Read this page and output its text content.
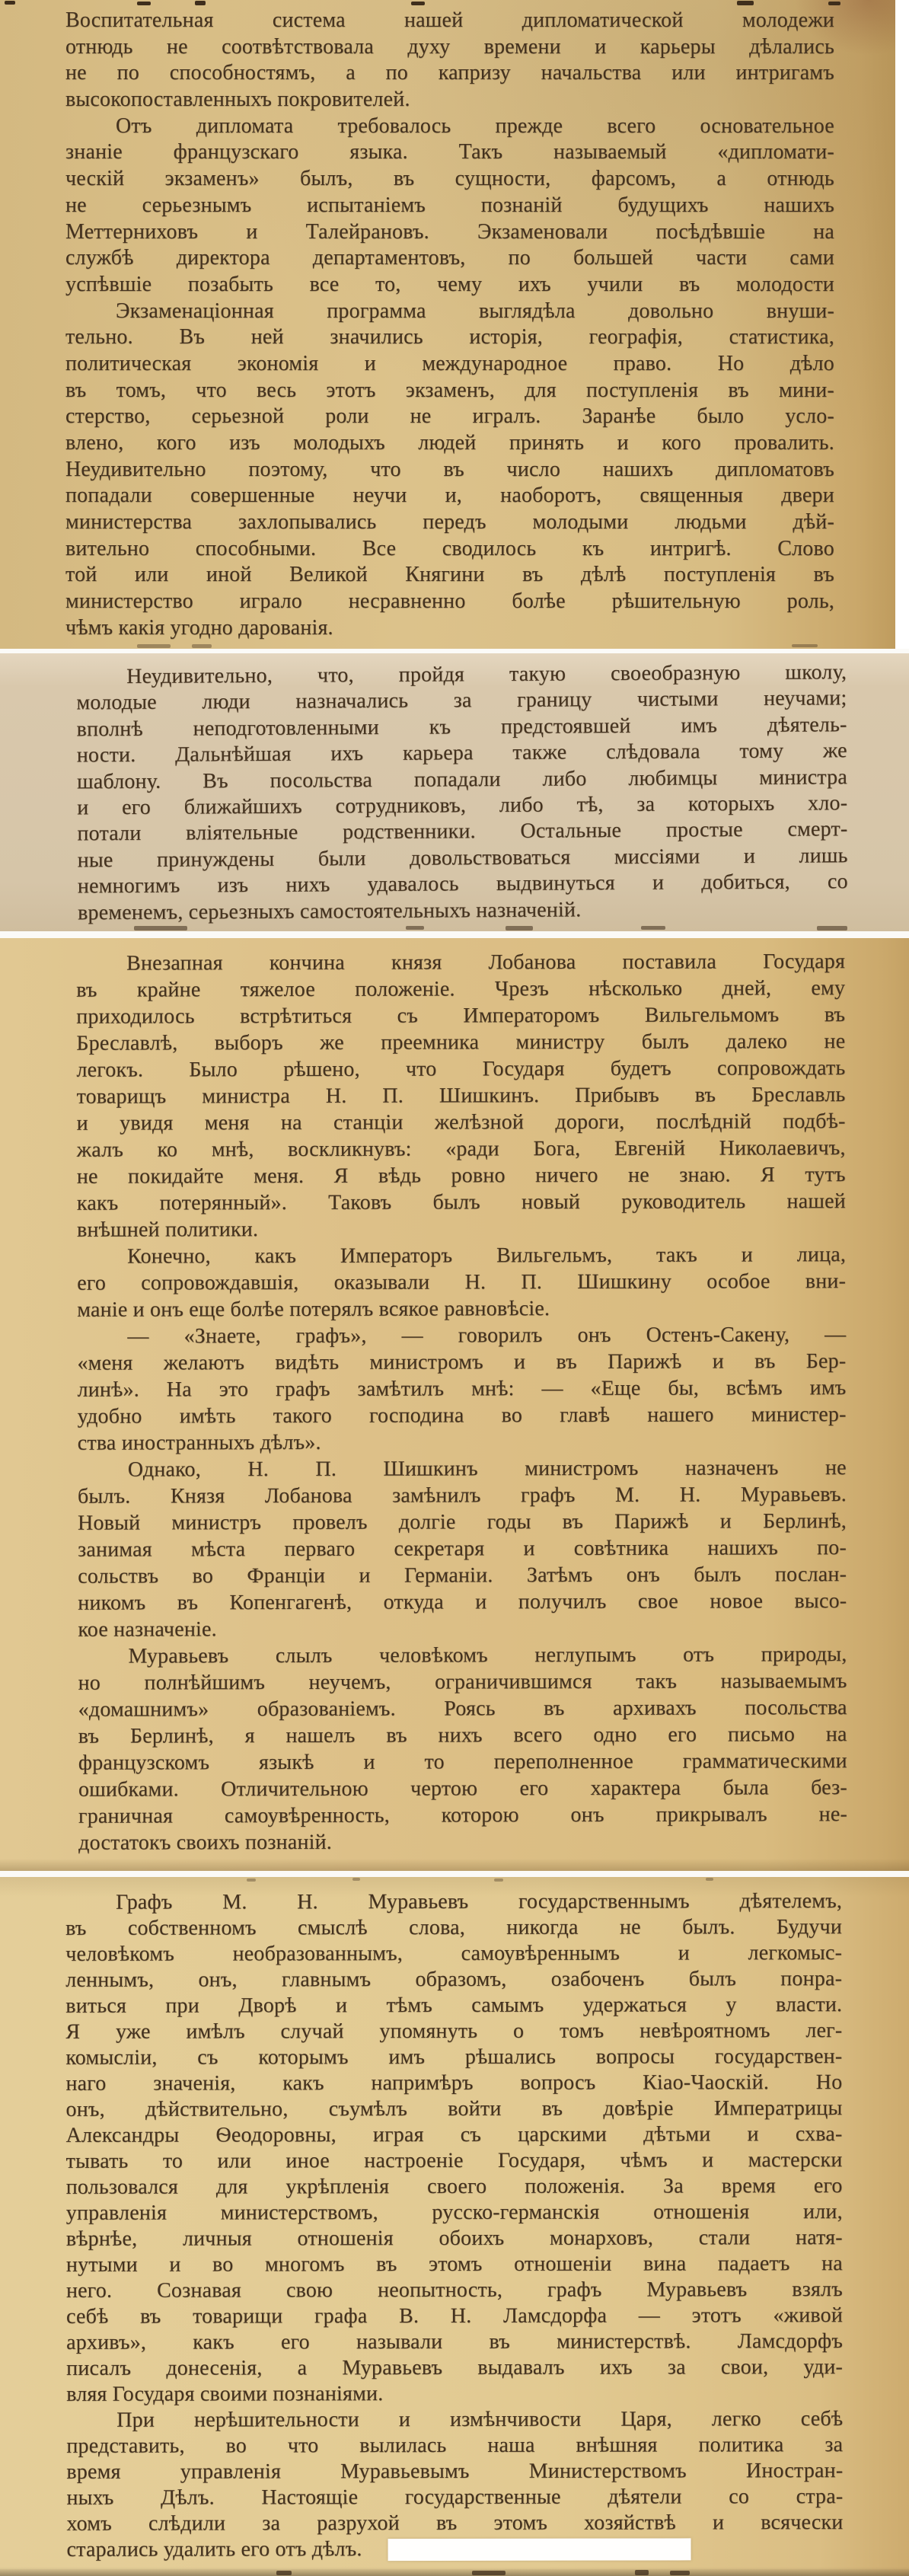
Воспитательная	система	нашей	дипломатической	молодежи
отнюдь не соотвѣтствовала духу времени и карьеры дѣлались
не по способностямъ, а по капризу начальства или интригамъ
высокопоставленныхъ покровителей.
Отъ дипломата требовалось прежде всего основательное
знаніе французскаго языка. Такъ называемый «дипломати-
ческій экзаменъ» былъ, въ сущности, фарсомъ, а отнюдь
не	серьезнымъ	испытаніемъ	познаній	будущихъ	нашихъ
Меттерниховъ и Талейрановъ. Экзаменовали посѣдѣвшіе на
службѣ директора департаментовъ, по большей части сами
успѣвшіе позабыть все то, чему ихъ учили въ молодости
Экзаменаціонная программа выглядѣла довольно внуши-
тельно. Въ ней значились исторія, географія, статистика,
политическая экономія и международное право. Но дѣло
въ томъ, что весь этотъ экзаменъ, для поступленія въ мини-
стерство, серьезной роли не игралъ. Заранѣе было усло-
влено, кого изъ молодыхъ людей принять и кого провалить.
Неудивительно поэтому, что въ число нашихъ дипломатовъ
попадали совершенные неучи и, наоборотъ, священныя двери
министерства захлопывались передъ молодыми людьми дѣй-
вительно способными. Все сводилось къ интригѣ. Слово
той или иной Великой Княгини въ дѣлѣ поступленія въ
министерство играло несравненно болѣе рѣшительную роль,
чѣмъ какія угодно дарованія.
Неудивительно, что, пройдя такую своеобразную школу,
молодые люди назначались за границу чистыми неучами;
вполнѣ неподготовленными къ предстоявшей имъ дѣятель-
ности. Дальнѣйшая ихъ карьера также слѣдовала тому же
шаблону. Въ посольства попадали либо любимцы министра
и его ближайшихъ сотрудниковъ, либо тѣ, за которыхъ хло-
потали вліятельные родственники. Остальные простые смерт-
ные принуждены были довольствоваться миссіями и лишь
немногимъ изъ нихъ удавалось выдвинуться и добиться, со
временемъ, серьезныхъ самостоятельныхъ назначеній.
Внезапная кончина князя Лобанова поставила Государя
въ крайне тяжелое положеніе. Чрезъ нѣсколько дней, ему
приходилось встрѣтиться съ Императоромъ Вильгельмомъ въ
Бреславлѣ, выборъ же преемника министру былъ далеко не
легокъ. Было рѣшено, что Государя будетъ сопровождать
товарищъ министра Н. П. Шишкинъ. Прибывъ въ Бреславль
и увидя меня на станціи желѣзной дороги, послѣдній подбѣ-
жалъ ко мнѣ, воскликнувъ: «ради Бога, Евгеній Николаевичъ,
не покидайте меня. Я вѣдь ровно ничего не знаю. Я тутъ
какъ потерянный». Таковъ былъ новый руководитель нашей
внѣшней политики.
Конечно, какъ Императоръ Вильгельмъ, такъ и лица,
его сопровождавшія, оказывали Н. П. Шишкину особое вни-
маніе и онъ еще болѣе потерялъ всякое равновѣсіе.
— «Знаете, графъ», — говорилъ онъ Остенъ-Сакену, —
«меня желаютъ видѣть министромъ и въ Парижѣ и въ Бер-
линѣ». На это графъ замѣтилъ мнѣ: — «Еще бы, всѣмъ имъ
удобно имѣть такого господина во главѣ нашего министер-
ства иностранныхъ дѣлъ».
Однако, Н. П. Шишкинъ министромъ назначенъ не
былъ. Князя Лобанова замѣнилъ графъ М. Н. Муравьевъ.
Новый министръ провелъ долгіе годы въ Парижѣ и Берлинѣ,
занимая мѣста перваго секретаря и совѣтника нашихъ по-
сольствъ во Франціи и Германіи. Затѣмъ онъ былъ послан-
никомъ въ Копенгагенѣ, откуда и получилъ свое новое высо-
кое назначеніе.
Муравьевъ слылъ человѣкомъ неглупымъ отъ природы,
но полнѣйшимъ неучемъ, ограничившимся такъ называемымъ
«домашнимъ» образованіемъ. Роясь въ архивахъ посольства
въ Берлинѣ, я нашелъ въ нихъ всего одно его письмо на
французскомъ языкѣ и то переполненное грамматическими
ошибками. Отличительною чертою его характера была без-
граничная самоувѣренность, которою онъ прикрывалъ не-
достатокъ своихъ познаній.
Графъ М. Н. Муравьевъ государственнымъ дѣятелемъ,
въ собственномъ смыслѣ слова, никогда не былъ. Будучи
человѣкомъ	необразованнымъ,	самоувѣреннымъ	и	легкомыс-
леннымъ, онъ, главнымъ образомъ, озабоченъ былъ понра-
виться при Дворѣ и тѣмъ самымъ удержаться у власти.
Я уже имѣлъ случай упомянуть о томъ невѣроятномъ лег-
комысліи, съ которымъ имъ рѣшались вопросы государствен-
наго значенія, какъ напримѣръ вопросъ Кіао-Чаоскій. Но
онъ, дѣйствительно, съумѣлъ войти въ довѣріе Императрицы
Александры Ѳеодоровны, играя съ царскими дѣтьми и схва-
тывать то или иное настроеніе Государя, чѣмъ и мастерски
пользовался для укрѣпленія своего положенія. За время его
управленія	министерствомъ,	русско-германскія	отношенія	или,
вѣрнѣе, личныя отношенія обоихъ монарховъ, стали натя-
нутыми и во многомъ въ этомъ отношеніи вина падаетъ на
него. Сознавая свою неопытность, графъ Муравьевъ взялъ
себѣ въ товарищи графа В. Н. Ламсдорфа — этотъ «живой
архивъ», какъ его называли въ министерствѣ. Ламсдорфъ
писалъ донесенія, а Муравьевъ выдавалъ ихъ за свои, уди-
вляя Государя своими познаніями.
При нерѣшительности и измѣнчивости Царя, легко себѣ
представить, во что вылилась наша внѣшняя политика за
время	управленія	Муравьевымъ	Министерствомъ	Иностран-
ныхъ Дѣлъ. Настоящіе государственные дѣятели со стра-
хомъ слѣдили за разрухой въ этомъ хозяйствѣ и всячески
старались удалить его отъ дѣлъ.
